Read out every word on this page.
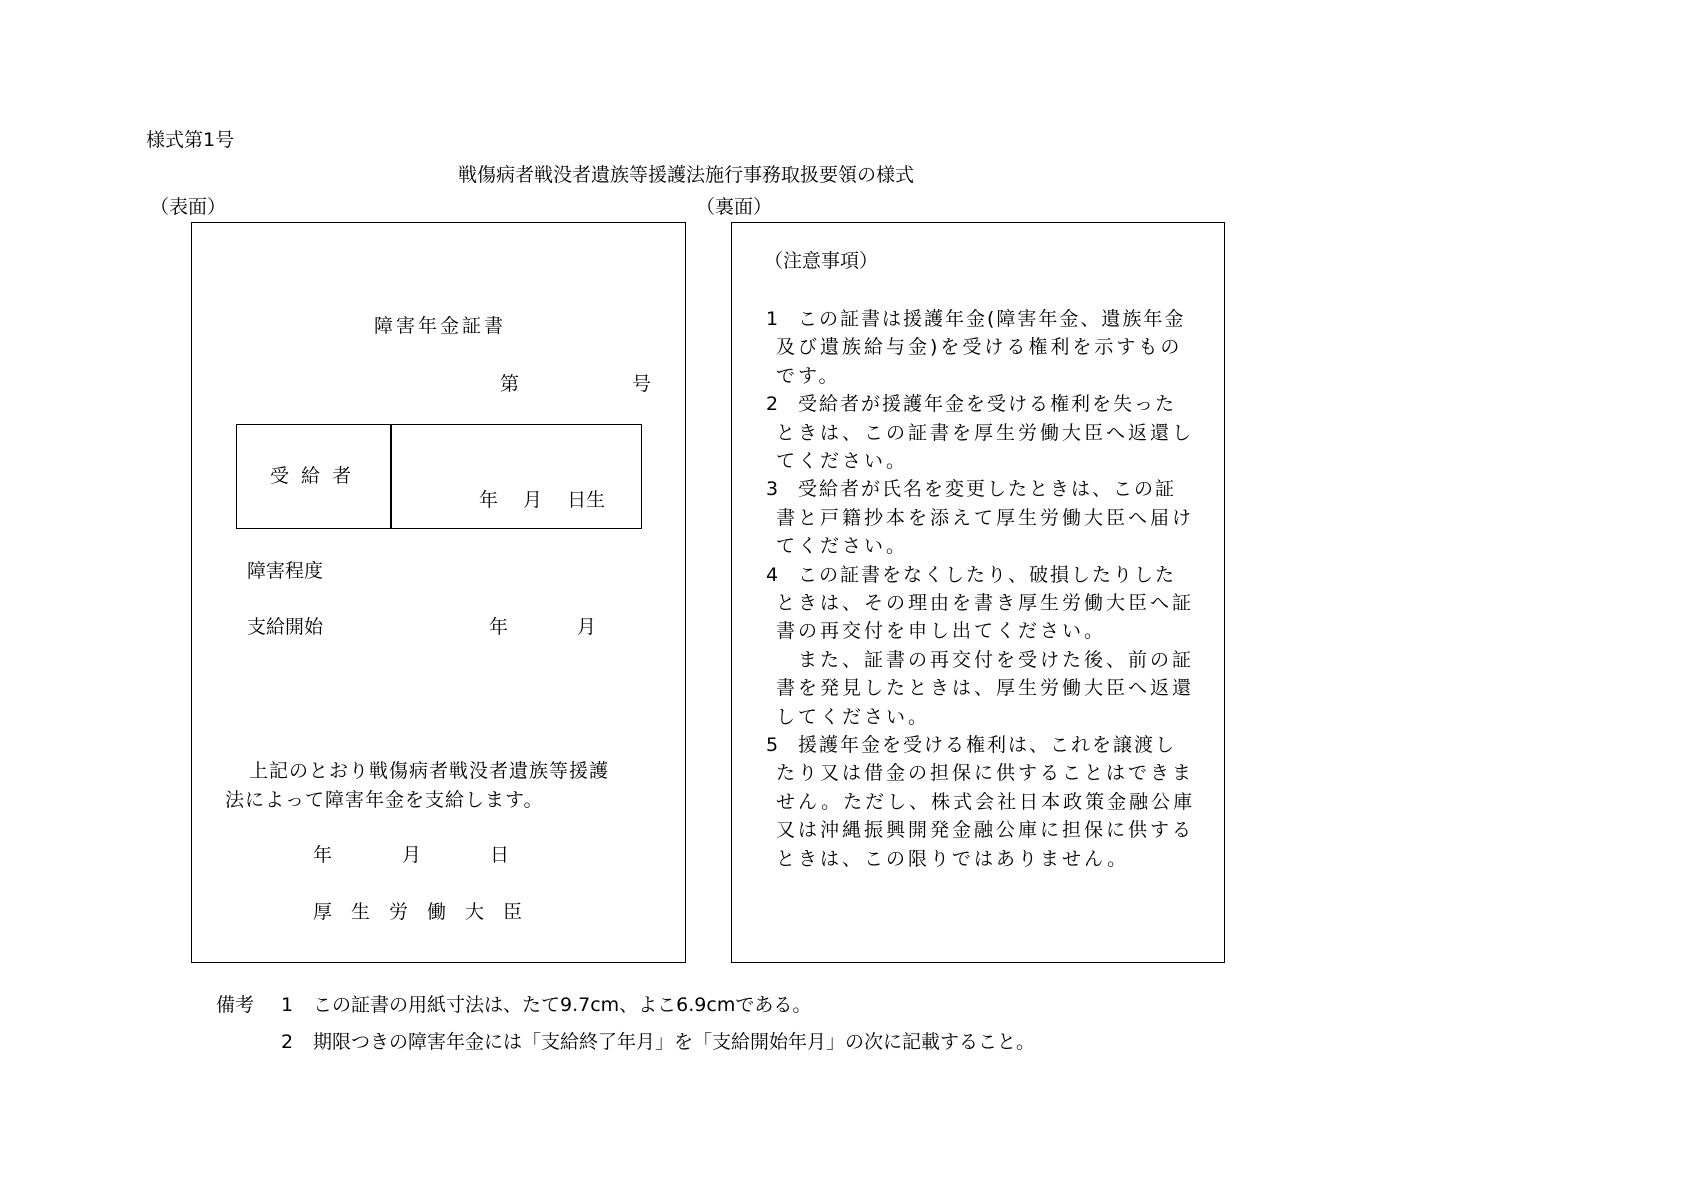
様式第1号
戦傷病者戦没者遺族等援護法施行事務取扱要領の様式
（表面）	（裏面）
障害年金証書
第	号
受 給 者
年　 月　 日生
障害程度
支給開始	年	月
上記のとおり戦傷病者戦没者遺族等援護
法によって障害年金を支給します。
年	月	日
厚　生　労　働　大　臣
（注意事項）
1 この証書は援護年金(障害年金、遺族年金
及び遺族給与金)を受ける権利を示すもの
です。
2 受給者が援護年金を受ける権利を失った
ときは、この証書を厚生労働大臣へ返還し
てください。
3 受給者が氏名を変更したときは、この証
書と戸籍抄本を添えて厚生労働大臣へ届け
てください。
4 この証書をなくしたり、破損したりした
ときは、その理由を書き厚生労働大臣へ証
書の再交付を申し出てください。
　また、証書の再交付を受けた後、前の証
書を発見したときは、厚生労働大臣へ返還
してください。
5 援護年金を受ける権利は、これを譲渡し
たり又は借金の担保に供することはできま
せん。ただし、株式会社日本政策金融公庫
又は沖縄振興開発金融公庫に担保に供する
ときは、この限りではありません。
備考 1 この証書の用紙寸法は、たて9.7cm、よこ6.9cmである。
2 期限つきの障害年金には「支給終了年月」を「支給開始年月」の次に記載すること。
